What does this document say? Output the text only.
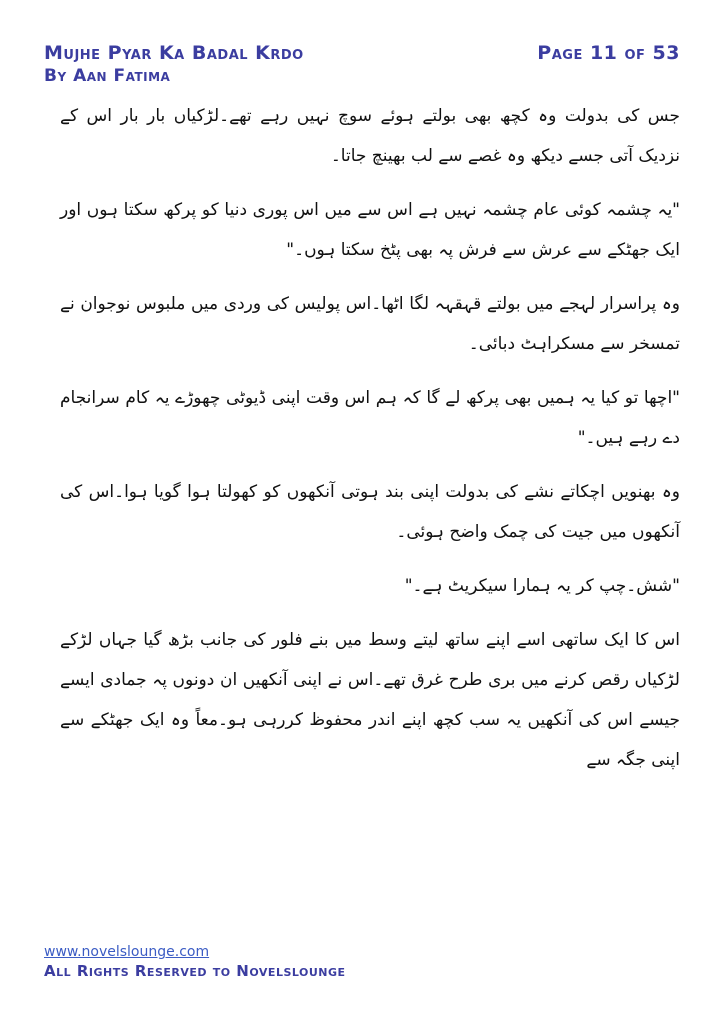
Mujhe Pyar Ka Badal Krdo
By Aan Fatima
Page 11 of 53

جس کی بدولت وہ کچھ بھی بولتے ہوئے سوچ نہیں رہے تھے۔لڑکیاں بار بار اس کے نزدیک آتی جسے دیکھ وہ غصے سے لب بھینچ جاتا۔

"یہ چشمہ کوئی عام چشمہ نہیں ہے اس سے میں اس پوری دنیا کو پرکھ سکتا ہوں اور ایک جھٹکے سے عرش سے فرش پہ بھی پٹخ سکتا ہوں۔"

وہ پراسرار لہجے میں بولتے قہقہہ لگا اٹھا۔اس پولیس کی وردی میں ملبوس نوجوان نے تمسخر سے مسکراہٹ دبائی۔

"اچھا تو کیا یہ ہمیں بھی پرکھ لے گا کہ ہم اس وقت اپنی ڈیوٹی چھوڑے یہ کام سرانجام دے رہے ہیں۔"

وہ بھنویں اچکاتے نشے کی بدولت اپنی بند ہوتی آنکھوں کو کھولتا ہوا گویا ہوا۔اس کی آنکھوں میں جیت کی چمک واضح ہوئی۔

"شش۔چپ کر یہ ہمارا سیکریٹ ہے۔"

اس کا ایک ساتھی اسے اپنے ساتھ لیتے وسط میں بنے فلور کی جانب بڑھ گیا جہاں لڑکے لڑکیاں رقص کرنے میں بری طرح غرق تھے۔اس نے اپنی آنکھیں ان دونوں پہ جمادی ایسے جیسے اس کی آنکھیں یہ سب کچھ اپنے اندر محفوظ کررہی ہو۔معاً وہ ایک جھٹکے سے اپنی جگہ سے

www.novelslounge.com
All Rights Reserved to Novelslounge
